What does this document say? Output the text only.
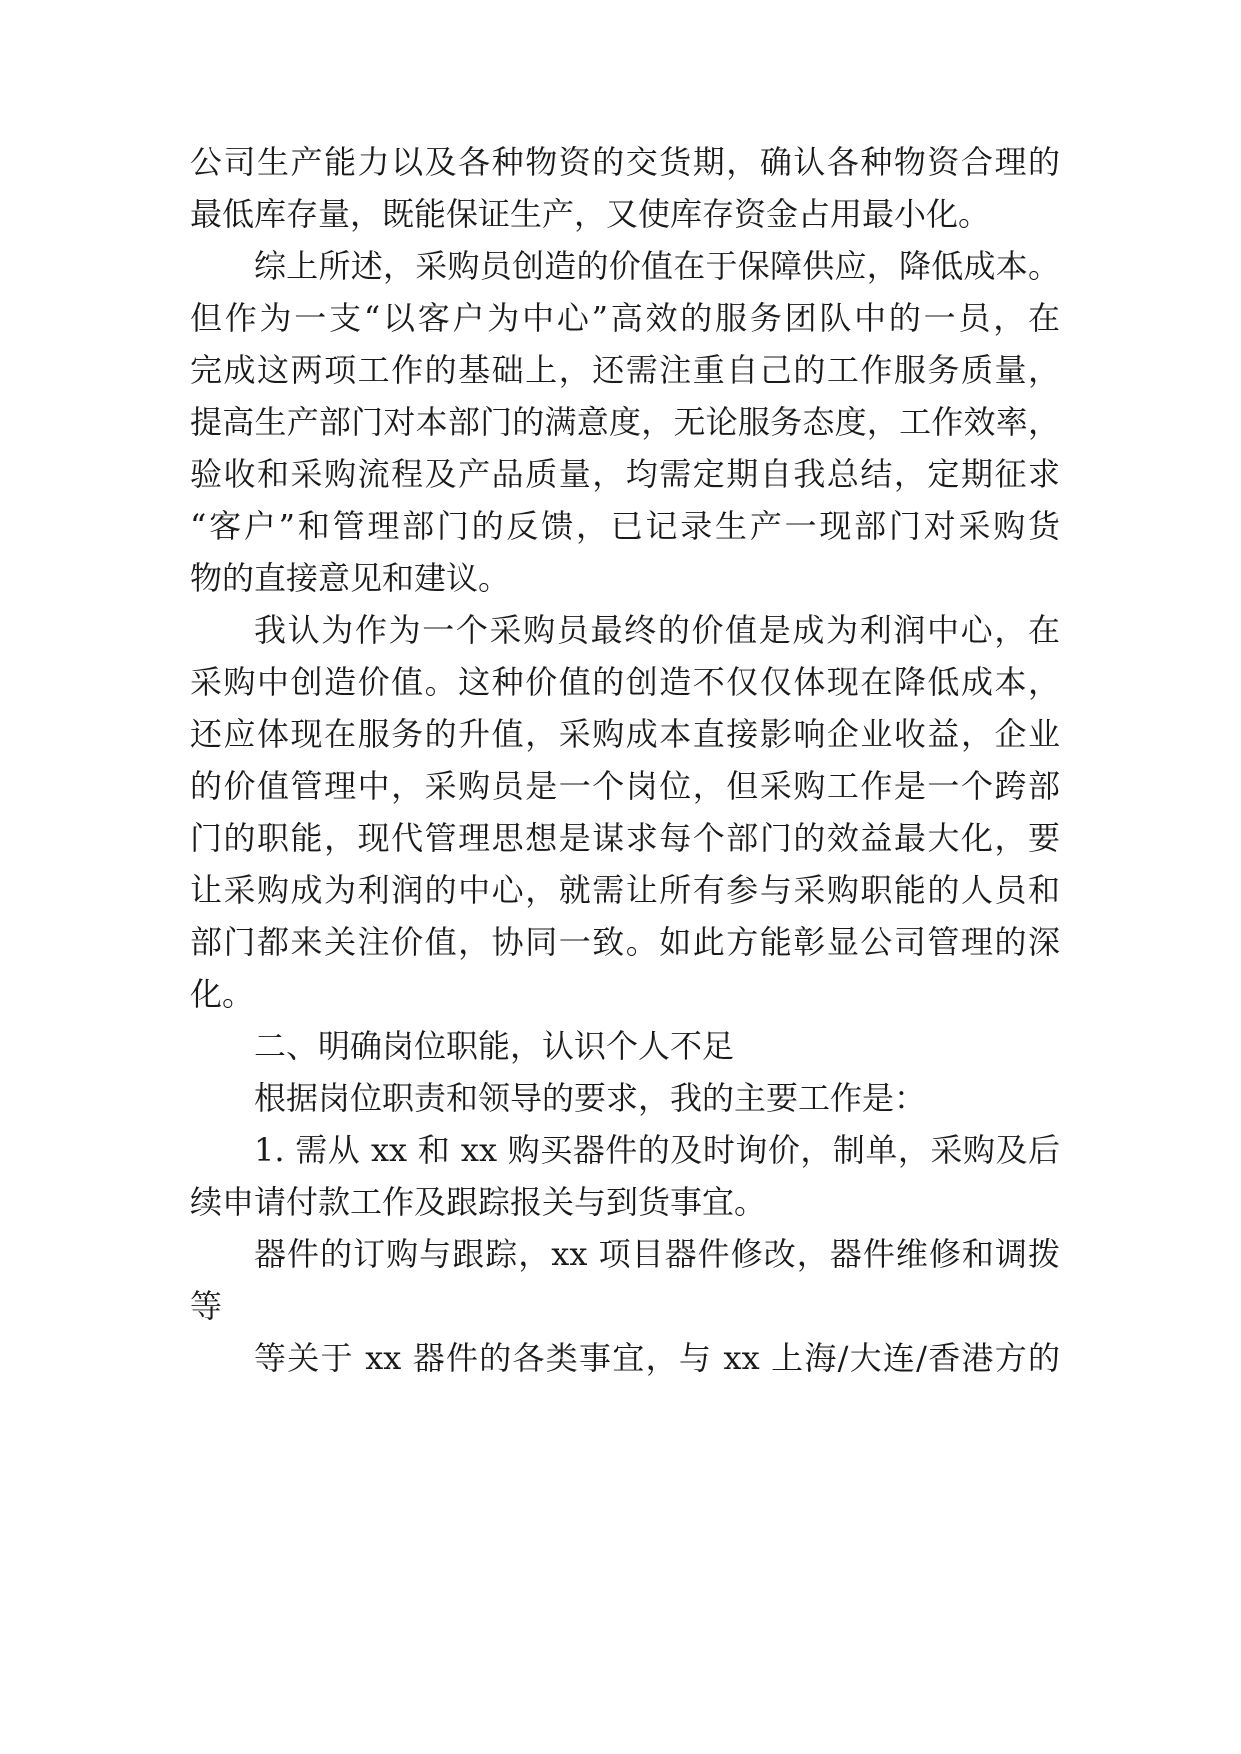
公司生产能力以及各种物资的交货期，确认各种物资合理的
最低库存量，既能保证生产，又使库存资金占用最小化。
综上所述，采购员创造的价值在于保障供应，降低成本。
但作为一支“以客户为中心”高效的服务团队中的一员，在
完成这两项工作的基础上，还需注重自己的工作服务质量，
提高生产部门对本部门的满意度，无论服务态度，工作效率，
验收和采购流程及产品质量，均需定期自我总结，定期征求
“客户”和管理部门的反馈，已记录生产一现部门对采购货
物的直接意见和建议。
我认为作为一个采购员最终的价值是成为利润中心，在
采购中创造价值。这种价值的创造不仅仅体现在降低成本，
还应体现在服务的升值，采购成本直接影响企业收益，企业
的价值管理中，采购员是一个岗位，但采购工作是一个跨部
门的职能，现代管理思想是谋求每个部门的效益最大化，要
让采购成为利润的中心，就需让所有参与采购职能的人员和
部门都来关注价值，协同一致。如此方能彰显公司管理的深
化。
二、明确岗位职能，认识个人不足
根据岗位职责和领导的要求，我的主要工作是：
1. 需从 xx 和 xx 购买器件的及时询价，制单，采购及后
续申请付款工作及跟踪报关与到货事宜。
器件的订购与跟踪，xx 项目器件修改，器件维修和调拨
等
等关于 xx 器件的各类事宜，与 xx 上海/大连/香港方的
